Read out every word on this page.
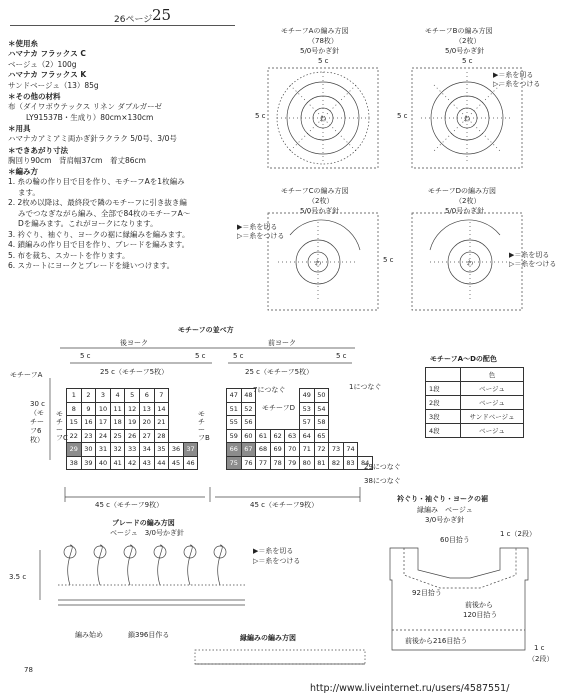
26ページ 25
＊使用糸
ハマナカ フラックス C
ベージュ（2）100g
ハマナカ フラックス K
サンドベージュ（13）85g
＊その他の材料
布（ダイワボウテックス リネン ダブルガーゼ
LY91537B・生成り）80cm×130cm
＊用具
ハマナカアミアミ両かぎ針ラクラク 5/0号、3/0号
＊できあがり寸法
胸回り90cm　背肩幅37cm　着丈86cm
＊編み方
1. 糸の輪の作り目で目を作り、モチーフAを1枚編み
ます。
2. 2枚め以降は、最終段で隣のモチーフに引き抜き編
みでつなぎながら編み、全部で84枚のモチーフA〜
Dを編みます。これがヨークになります。
3. 衿ぐり、袖ぐり、ヨークの裾に縁編みを編みます。
4. 鎖編みの作り目で目を作り、ブレードを編みます。
5. 布を裁ち、スカートを作ります。
6. スカートにヨークとブレードを縫いつけます。
わ	わ
わ	わ
モチーフAの編み方図
（78枚）
5/0号かぎ針
5 c
5 c
モチーフBの編み方図
（2枚）
5/0号かぎ針
5 c
5 c
▶＝糸を切る
▷＝糸をつける
モチーフCの編み方図
（2枚）
5/0号かぎ針
▶＝糸を切る
▷＝糸をつける
5 c
モチーフDの編み方図
（2枚）
5/0号かぎ針
▶＝糸を切る
▷＝糸をつける
モチーフの並べ方
後ヨーク	前ヨーク
5 c	5 c	5 c	5 c
25 c（モチーフ5枚）	25 c（モチーフ5枚）
モチーフA
30 c（モチーフ6枚）
モチーフC
モチーフB
モチーフD
1につなぐ
7につなぐ
29につなぐ
38につなぐ
45 c（モチーフ9枚）	45 c（モチーフ9枚）
1	2	3	4	5	6	7		
8	9	10	11	12	13	14		
15	16	17	18	19	20	21		
22	23	24	25	26	27	28		
29	30	31	32	33	34	35	36	37
38	39	40	41	42	43	44	45	46
47	48				49	50			
51	52				53	54			
55	56				57	58			
59	60	61	62	63	64	65			
66	67	68	69	70	71	72	73	74	
75	76	77	78	79	80	81	82	83	84
モチーフA〜Dの配色
	色
1段	ベージュ
2段	ベージュ
3段	サンドベージュ
4段	ベージュ
ブレードの編み方図
ベージュ　3/0号かぎ針
3.5 c
編み始め	鎖396目作る
▶＝糸を切る
▷＝糸をつける
縁編みの編み方図
衿ぐり・袖ぐり・ヨークの裾
縁編み　ベージュ
3/0号かぎ針
60目拾う
1 c（2段）
92目拾う
前後から
120目拾う
前後から216目拾う
1 c
（2段）
78
http://www.liveinternet.ru/users/4587551/
